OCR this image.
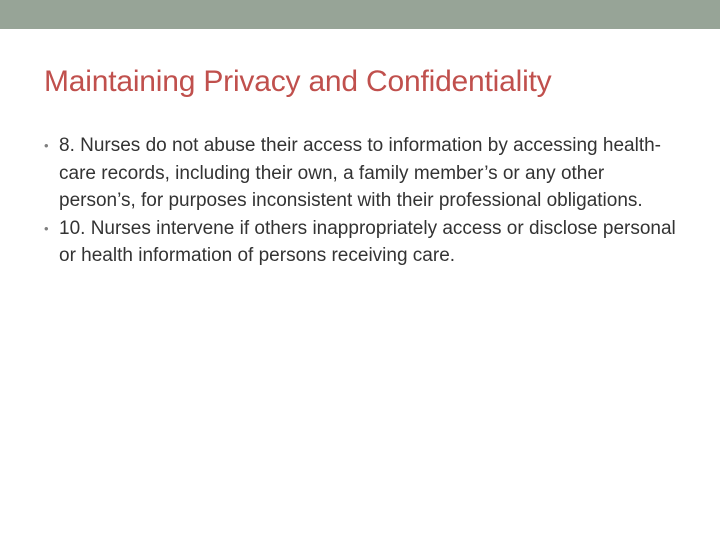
Maintaining Privacy and Confidentiality
• 8. Nurses do not abuse their access to information by accessing health-care records, including their own, a family member’s or any other person’s, for purposes inconsistent with their professional obligations.
• 10. Nurses intervene if others inappropriately access or disclose personal or health information of persons receiving care.
